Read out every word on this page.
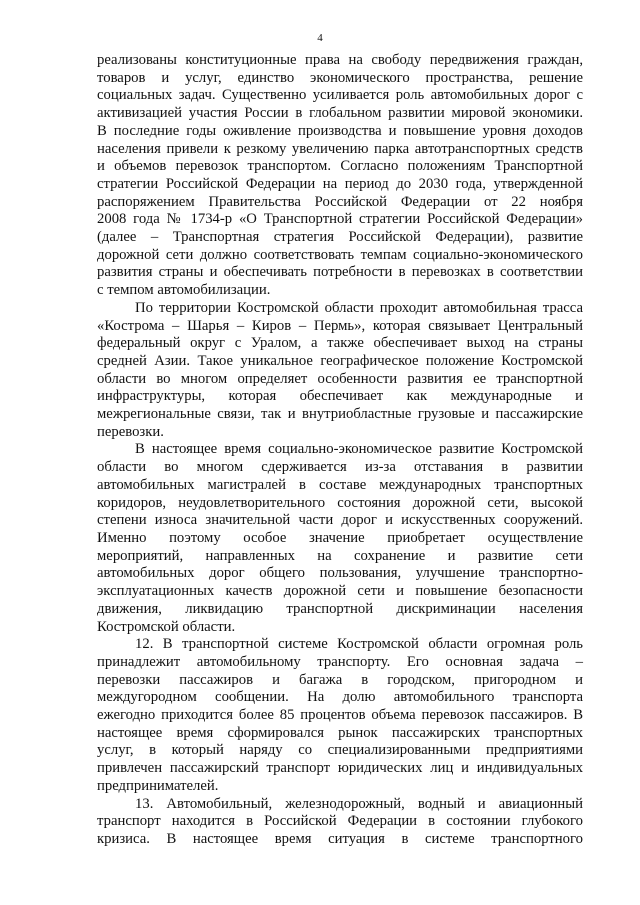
4
реализованы конституционные права на свободу передвижения граждан,
товаров и услуг, единство экономического пространства, решение
социальных задач. Существенно усиливается роль автомобильных дорог с
активизацией участия России в глобальном развитии мировой экономики.
В последние годы оживление производства и повышение уровня доходов
населения привели к резкому увеличению парка автотранспортных средств
и объемов перевозок транспортом. Согласно положениям Транспортной
стратегии Российской Федерации на период до 2030 года, утвержденной
распоряжением Правительства Российской Федерации от 22 ноября
2008 года № 1734-р «О Транспортной стратегии Российской Федерации»
(далее – Транспортная стратегия Российской Федерации), развитие
дорожной сети должно соответствовать темпам социально-экономического
развития страны и обеспечивать потребности в перевозках в соответствии
с темпом автомобилизации.
По территории Костромской области проходит автомобильная трасса
«Кострома – Шарья – Киров – Пермь», которая связывает Центральный
федеральный округ с Уралом, а также обеспечивает выход на страны
средней Азии. Такое уникальное географическое положение Костромской
области во многом определяет особенности развития ее транспортной
инфраструктуры, которая обеспечивает как международные и
межрегиональные связи, так и внутриобластные грузовые и пассажирские
перевозки.
В настоящее время социально-экономическое развитие Костромской
области во многом сдерживается из-за отставания в развитии
автомобильных магистралей в составе международных транспортных
коридоров, неудовлетворительного состояния дорожной сети, высокой
степени износа значительной части дорог и искусственных сооружений.
Именно поэтому особое значение приобретает осуществление
мероприятий, направленных на сохранение и развитие сети
автомобильных дорог общего пользования, улучшение транспортно-
эксплуатационных качеств дорожной сети и повышение безопасности
движения, ликвидацию транспортной дискриминации населения
Костромской области.
12. В транспортной системе Костромской области огромная роль
принадлежит автомобильному транспорту. Его основная задача –
перевозки пассажиров и багажа в городском, пригородном и
междугородном сообщении. На долю автомобильного транспорта
ежегодно приходится более 85 процентов объема перевозок пассажиров. В
настоящее время сформировался рынок пассажирских транспортных
услуг, в который наряду со специализированными предприятиями
привлечен пассажирский транспорт юридических лиц и индивидуальных
предпринимателей.
13. Автомобильный, железнодорожный, водный и авиационный
транспорт находится в Российской Федерации в состоянии глубокого
кризиса. В настоящее время ситуация в системе транспортного
